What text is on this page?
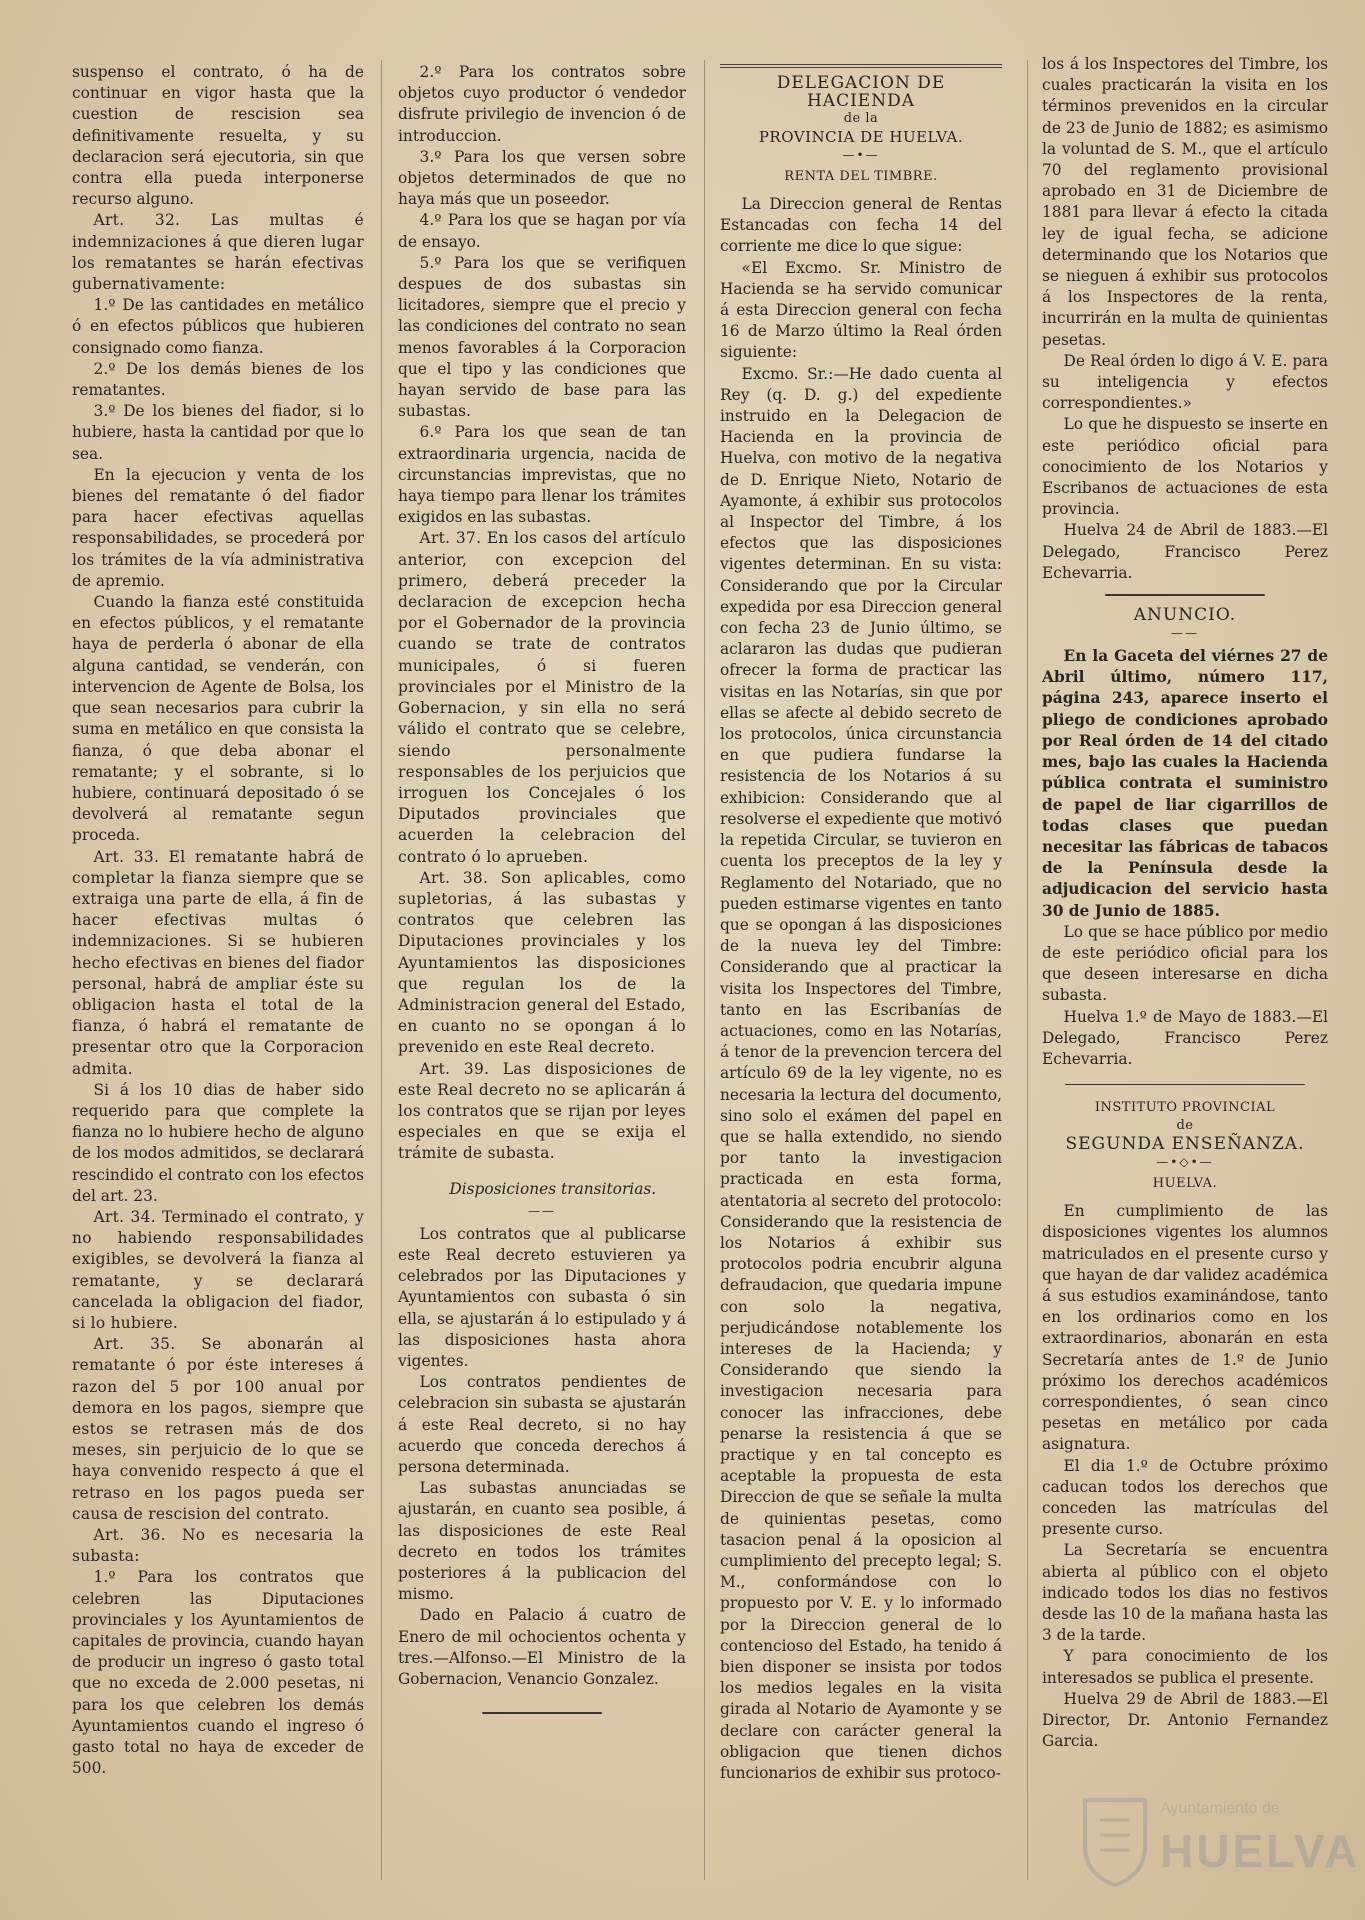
suspenso el contrato, ó ha de continuar en vigor hasta que la cuestion de rescision sea definitivamente resuelta, y su declaracion será ejecutoria, sin que contra ella pueda interponerse recurso alguno.

Art. 32. Las multas é indemnizaciones á que dieren lugar los rematantes se harán efectivas gubernativamente:

1.º De las cantidades en metálico ó en efectos públicos que hubieren consignado como fianza.

2.º De los demás bienes de los rematantes.

3.º De los bienes del fiador, si lo hubiere, hasta la cantidad por que lo sea.

En la ejecucion y venta de los bienes del rematante ó del fiador para hacer efectivas aquellas responsabilidades, se procederá por los trámites de la vía administrativa de apremio.

Cuando la fianza esté constituida en efectos públicos, y el rematante haya de perderla ó abonar de ella alguna cantidad, se venderán, con intervencion de Agente de Bolsa, los que sean necesarios para cubrir la suma en metálico en que consista la fianza, ó que deba abonar el rematante; y el sobrante, si lo hubiere, continuará depositado ó se devolverá al rematante segun proceda.

Art. 33. El rematante habrá de completar la fianza siempre que se extraiga una parte de ella, á fin de hacer efectivas multas ó indemnizaciones. Si se hubieren hecho efectivas en bienes del fiador personal, habrá de ampliar éste su obligacion hasta el total de la fianza, ó habrá el rematante de presentar otro que la Corporacion admita.

Si á los 10 dias de haber sido requerido para que complete la fianza no lo hubiere hecho de alguno de los modos admitidos, se declarará rescindido el contrato con los efectos del art. 23.

Art. 34. Terminado el contrato, y no habiendo responsabilidades exigibles, se devolverá la fianza al rematante, y se declarará cancelada la obligacion del fiador, si lo hubiere.

Art. 35. Se abonarán al rematante ó por éste intereses á razon del 5 por 100 anual por demora en los pagos, siempre que estos se retrasen más de dos meses, sin perjuicio de lo que se haya convenido respecto á que el retraso en los pagos pueda ser causa de rescision del contrato.

Art. 36. No es necesaria la subasta:

1.º Para los contratos que celebren las Diputaciones provinciales y los Ayuntamientos de capitales de provincia, cuando hayan de producir un ingreso ó gasto total que no exceda de 2.000 pesetas, ni para los que celebren los demás Ayuntamientos cuando el ingreso ó gasto total no haya de exceder de 500.

2.º Para los contratos sobre objetos cuyo productor ó vendedor disfrute privilegio de invencion ó de introduccion.

3.º Para los que versen sobre objetos determinados de que no haya más que un poseedor.

4.º Para los que se hagan por vía de ensayo.

5.º Para los que se verifiquen despues de dos subastas sin licitadores, siempre que el precio y las condiciones del contrato no sean menos favorables á la Corporacion que el tipo y las condiciones que hayan servido de base para las subastas.

6.º Para los que sean de tan extraordinaria urgencia, nacida de circunstancias imprevistas, que no haya tiempo para llenar los trámites exigidos en las subastas.

Art. 37. En los casos del artículo anterior, con excepcion del primero, deberá preceder la declaracion de excepcion hecha por el Gobernador de la provincia cuando se trate de contratos municipales, ó si fueren provinciales por el Ministro de la Gobernacion, y sin ella no será válido el contrato que se celebre, siendo personalmente responsables de los perjuicios que irroguen los Concejales ó los Diputados provinciales que acuerden la celebracion del contrato ó lo aprueben.

Art. 38. Son aplicables, como supletorias, á las subastas y contratos que celebren las Diputaciones provinciales y los Ayuntamientos las disposiciones que regulan los de la Administracion general del Estado, en cuanto no se opongan á lo prevenido en este Real decreto.

Art. 39. Las disposiciones de este Real decreto no se aplicarán á los contratos que se rijan por leyes especiales en que se exija el trámite de subasta.

Disposiciones transitorias.

——

Los contratos que al publicarse este Real decreto estuvieren ya celebrados por las Diputaciones y Ayuntamientos con subasta ó sin ella, se ajustarán á lo estipulado y á las disposiciones hasta ahora vigentes.

Los contratos pendientes de celebracion sin subasta se ajustarán á este Real decreto, si no hay acuerdo que conceda derechos á persona determinada.

Las subastas anunciadas se ajustarán, en cuanto sea posible, á las disposiciones de este Real decreto en todos los trámites posteriores á la publicacion del mismo.

Dado en Palacio á cuatro de Enero de mil ochocientos ochenta y tres.—Alfonso.—El Ministro de la Gobernacion, Venancio Gonzalez.

DELEGACION DE HACIENDA
de la
PROVINCIA DE HUELVA.
—•—
RENTA DEL TIMBRE.

La Direccion general de Rentas Estancadas con fecha 14 del corriente me dice lo que sigue:

«El Excmo. Sr. Ministro de Hacienda se ha servido comunicar á esta Direccion general con fecha 16 de Marzo último la Real órden siguiente:

Excmo. Sr.:—He dado cuenta al Rey (q. D. g.) del expediente instruido en la Delegacion de Hacienda en la provincia de Huelva, con motivo de la negativa de D. Enrique Nieto, Notario de Ayamonte, á exhibir sus protocolos al Inspector del Timbre, á los efectos que las disposiciones vigentes determinan. En su vista: Considerando que por la Circular expedida por esa Direccion general con fecha 23 de Junio último, se aclararon las dudas que pudieran ofrecer la forma de practicar las visitas en las Notarías, sin que por ellas se afecte al debido secreto de los protocolos, única circunstancia en que pudiera fundarse la resistencia de los Notarios á su exhibicion: Considerando que al resolverse el expediente que motivó la repetida Circular, se tuvieron en cuenta los preceptos de la ley y Reglamento del Notariado, que no pueden estimarse vigentes en tanto que se opongan á las disposiciones de la nueva ley del Timbre: Considerando que al practicar la visita los Inspectores del Timbre, tanto en las Escribanías de actuaciones, como en las Notarías, á tenor de la prevencion tercera del artículo 69 de la ley vigente, no es necesaria la lectura del documento, sino solo el exámen del papel en que se halla extendido, no siendo por tanto la investigacion practicada en esta forma, atentatoria al secreto del protocolo: Considerando que la resistencia de los Notarios á exhibir sus protocolos podria encubrir alguna defraudacion, que quedaria impune con solo la negativa, perjudicándose notablemente los intereses de la Hacienda; y Considerando que siendo la investigacion necesaria para conocer las infracciones, debe penarse la resistencia á que se practique y en tal concepto es aceptable la propuesta de esta Direccion de que se señale la multa de quinientas pesetas, como tasacion penal á la oposicion al cumplimiento del precepto legal; S. M., conformándose con lo propuesto por V. E. y lo informado por la Direccion general de lo contencioso del Estado, ha tenido á bien disponer se insista por todos los medios legales en la visita girada al Notario de Ayamonte y se declare con carácter general la obligacion que tienen dichos funcionarios de exhibir sus protoco-

los á los Inspectores del Timbre, los cuales practicarán la visita en los términos prevenidos en la circular de 23 de Junio de 1882; es asimismo la voluntad de S. M., que el artículo 70 del reglamento provisional aprobado en 31 de Diciembre de 1881 para llevar á efecto la citada ley de igual fecha, se adicione determinando que los Notarios que se nieguen á exhibir sus protocolos á los Inspectores de la renta, incurrirán en la multa de quinientas pesetas.

De Real órden lo digo á V. E. para su inteligencia y efectos correspondientes.»

Lo que he dispuesto se inserte en este periódico oficial para conocimiento de los Notarios y Escribanos de actuaciones de esta provincia.

Huelva 24 de Abril de 1883.—El Delegado, Francisco Perez Echevarria.

ANUNCIO.
——

En la Gaceta del viérnes 27 de Abril último, número 117, página 243, aparece inserto el pliego de condiciones aprobado por Real órden de 14 del citado mes, bajo las cuales la Hacienda pública contrata el suministro de papel de liar cigarrillos de todas clases que puedan necesitar las fábricas de tabacos de la Península desde la adjudicacion del servicio hasta 30 de Junio de 1885.

Lo que se hace público por medio de este periódico oficial para los que deseen interesarse en dicha subasta.

Huelva 1.º de Mayo de 1883.—El Delegado, Francisco Perez Echevarria.

INSTITUTO PROVINCIAL
de
SEGUNDA ENSEÑANZA.
—•◇•—
HUELVA.

En cumplimiento de las disposiciones vigentes los alumnos matriculados en el presente curso y que hayan de dar validez académica á sus estudios examinándose, tanto en los ordinarios como en los extraordinarios, abonarán en esta Secretaría antes de 1.º de Junio próximo los derechos académicos correspondientes, ó sean cinco pesetas en metálico por cada asignatura.

El dia 1.º de Octubre próximo caducan todos los derechos que conceden las matrículas del presente curso.

La Secretaría se encuentra abierta al público con el objeto indicado todos los dias no festivos desde las 10 de la mañana hasta las 3 de la tarde.

Y para conocimiento de los interesados se publica el presente.

Huelva 29 de Abril de 1883.—El Director, Dr. Antonio Fernandez Garcia.

Ayuntamiento de
HUELVA
